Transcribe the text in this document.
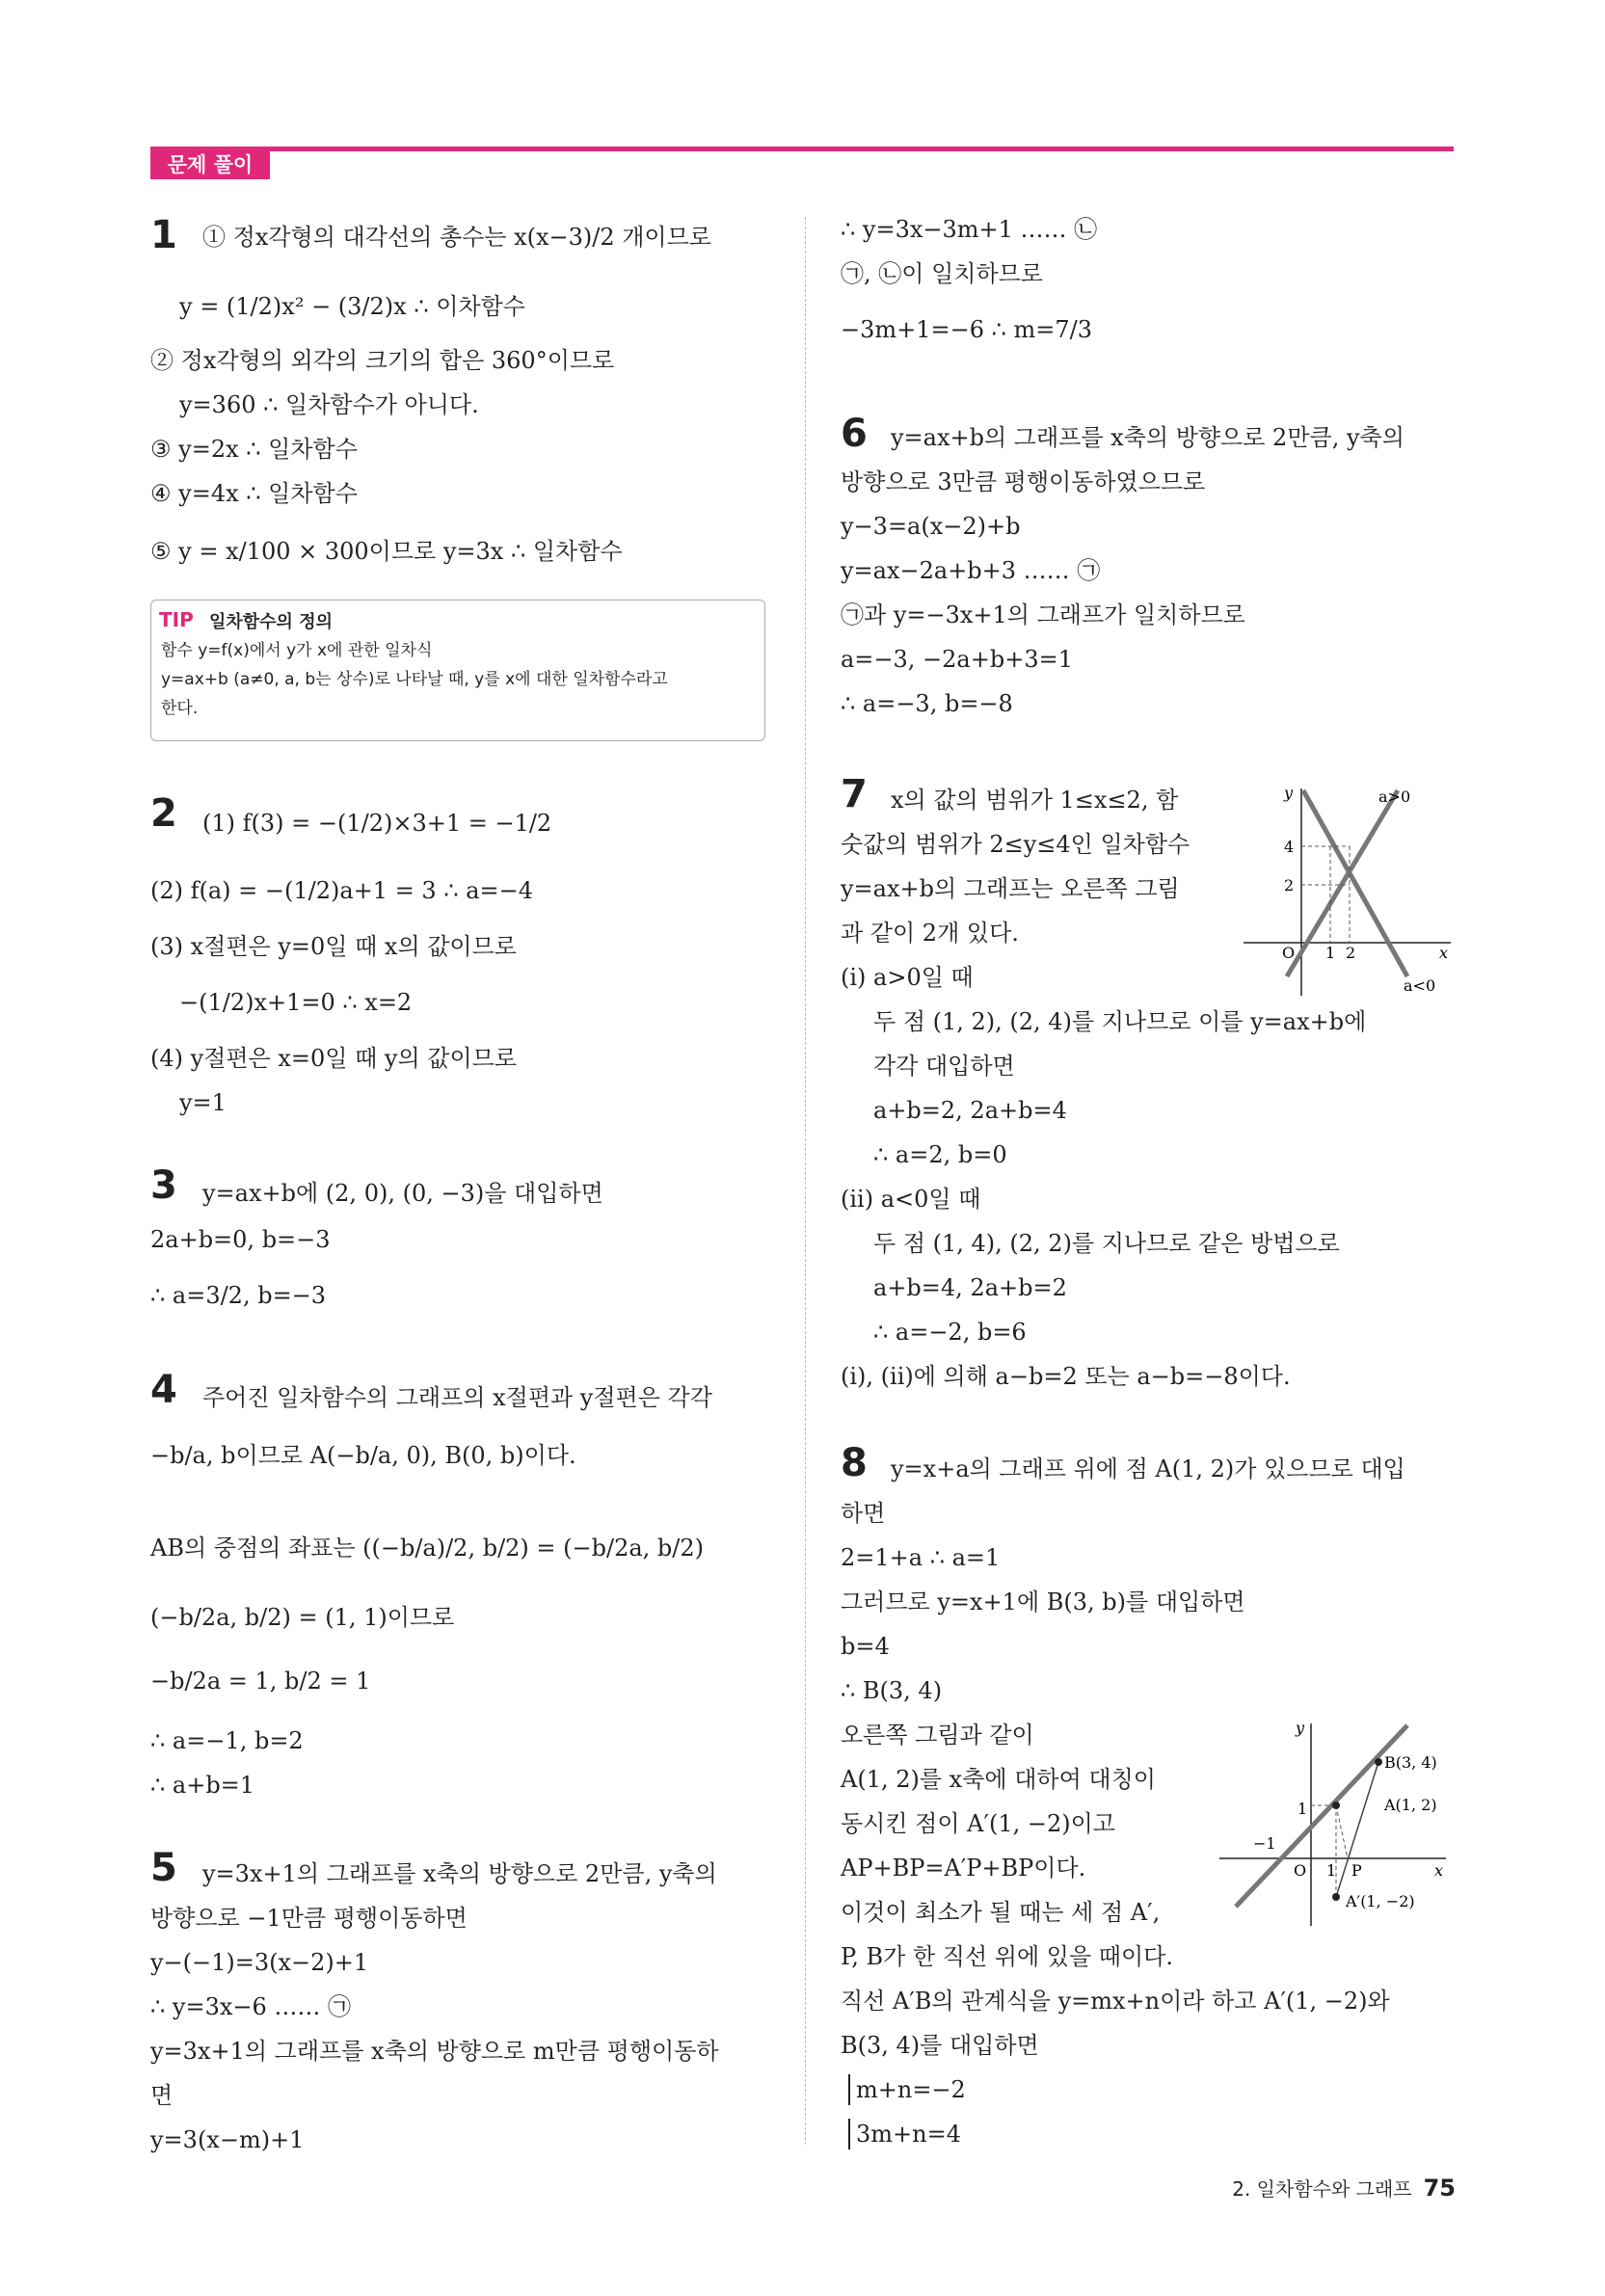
문제 풀이
1 ① 정x각형의 대각선의 총수는 x(x−3)/2 개이므로
y = (1/2)x² − (3/2)x ∴ 이차함수
② 정x각형의 외각의 크기의 합은 360°이므로
y=360 ∴ 일차함수가 아니다.
③ y=2x ∴ 일차함수
④ y=4x ∴ 일차함수
⑤ y = x/100 × 300이므로 y=3x ∴ 일차함수
TIP 일차함수의 정의
함수 y=f(x)에서 y가 x에 관한 일차식
y=ax+b (a≠0, a, b는 상수)로 나타날 때, y를 x에 대한 일차함수라고
한다.
2 (1) f(3) = −(1/2)×3+1 = −1/2
(2) f(a) = −(1/2)a+1 = 3 ∴ a=−4
(3) x절편은 y=0일 때 x의 값이므로
−(1/2)x+1=0 ∴ x=2
(4) y절편은 x=0일 때 y의 값이므로
y=1
3 y=ax+b에 (2, 0), (0, −3)을 대입하면
2a+b=0, b=−3
∴ a=3/2, b=−3
4 주어진 일차함수의 그래프의 x절편과 y절편은 각각
−b/a, b이므로 A(−b/a, 0), B(0, b)이다.
AB의 중점의 좌표는 ((−b/a)/2, b/2) = (−b/2a, b/2)
(−b/2a, b/2) = (1, 1)이므로
−b/2a = 1, b/2 = 1
∴ a=−1, b=2
∴ a+b=1
5 y=3x+1의 그래프를 x축의 방향으로 2만큼, y축의
방향으로 −1만큼 평행이동하면
y−(−1)=3(x−2)+1
∴ y=3x−6 …… ㉠
y=3x+1의 그래프를 x축의 방향으로 m만큼 평행이동하
면
y=3(x−m)+1
∴ y=3x−3m+1 …… ㉡
㉠, ㉡이 일치하므로
−3m+1=−6 ∴ m=7/3
6 y=ax+b의 그래프를 x축의 방향으로 2만큼, y축의
방향으로 3만큼 평행이동하였으므로
y−3=a(x−2)+b
y=ax−2a+b+3 …… ㉠
㉠과 y=−3x+1의 그래프가 일치하므로
a=−3, −2a+b+3=1
∴ a=−3, b=−8
7 x의 값의 범위가 1≤x≤2, 함
숫값의 범위가 2≤y≤4인 일차함수
y=ax+b의 그래프는 오른쪽 그림
과 같이 2개 있다.
(i) a>0일 때
두 점 (1, 2), (2, 4)를 지나므로 이를 y=ax+b에
각각 대입하면
a+b=2, 2a+b=4
∴ a=2, b=0
(ii) a<0일 때
두 점 (1, 4), (2, 2)를 지나므로 같은 방법으로
a+b=4, 2a+b=2
∴ a=−2, b=6
(i), (ii)에 의해 a−b=2 또는 a−b=−8이다.
y	a>0
4
2
O 1 2	x
a<0
8 y=x+a의 그래프 위에 점 A(1, 2)가 있으므로 대입
하면
2=1+a ∴ a=1
그러므로 y=x+1에 B(3, b)를 대입하면
b=4
∴ B(3, 4)
오른쪽 그림과 같이
A(1, 2)를 x축에 대하여 대칭이
동시킨 점이 A′(1, −2)이고
AP+BP=A′P+BP이다.
이것이 최소가 될 때는 세 점 A′,
P, B가 한 직선 위에 있을 때이다.
직선 A′B의 관계식을 y=mx+n이라 하고 A′(1, −2)와
B(3, 4)를 대입하면
m+n=−2
3m+n=4
y
B(3, 4)
A(1, 2)
1
−1
O 1 P	x
A′(1, −2)
2. 일차함수와 그래프 75
